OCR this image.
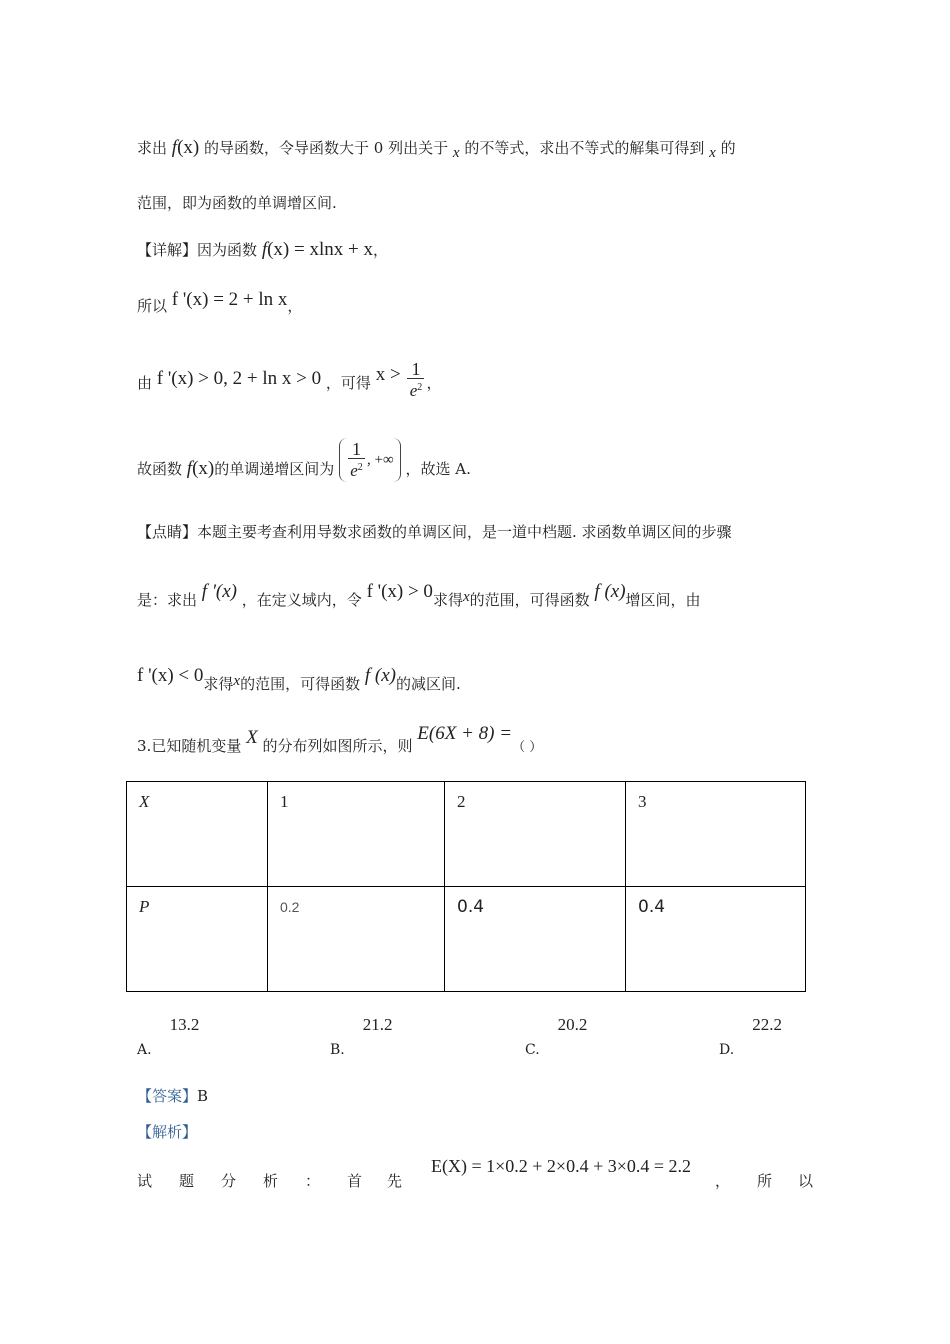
求出 f(x) 的导函数，令导函数大于 0 列出关于 x 的不等式，求出不等式的解集可得到 x 的
范围，即为函数的单调增区间.
【详解】因为函数 f(x) = xlnx + x，
所以 f '(x) = 2 + ln x，
由 f '(x) > 0, 2 + ln x > 0 ，可得 $x > \frac{1}{e^2}$ ，
故函数 f(x)的单调递增区间为 $\frac{1}{e^2}$ , +∞ ，故选 A.
【点睛】本题主要考查利用导数求函数的单调区间，是一道中档题. 求函数单调区间的步骤
是：求出 f '(x) ，在定义域内，令 f '(x) > 0求得x的范围，可得函数 f (x)增区间，由
f '(x) < 0求得x的范围，可得函数 f (x)的减区间.
3.已知随机变量 X 的分布列如图所示，则 E(6X + 8) =（ ）
X	1	2	3
P	0.2	0.4	0.4
A.13.2
B.21.2
C.20.2
D.22.2
【答案】B
【解析】
试 题 分 析 ： 首 先
E(X) = 1×0.2 + 2×0.4 + 3×0.4 = 2.2
， 所 以
